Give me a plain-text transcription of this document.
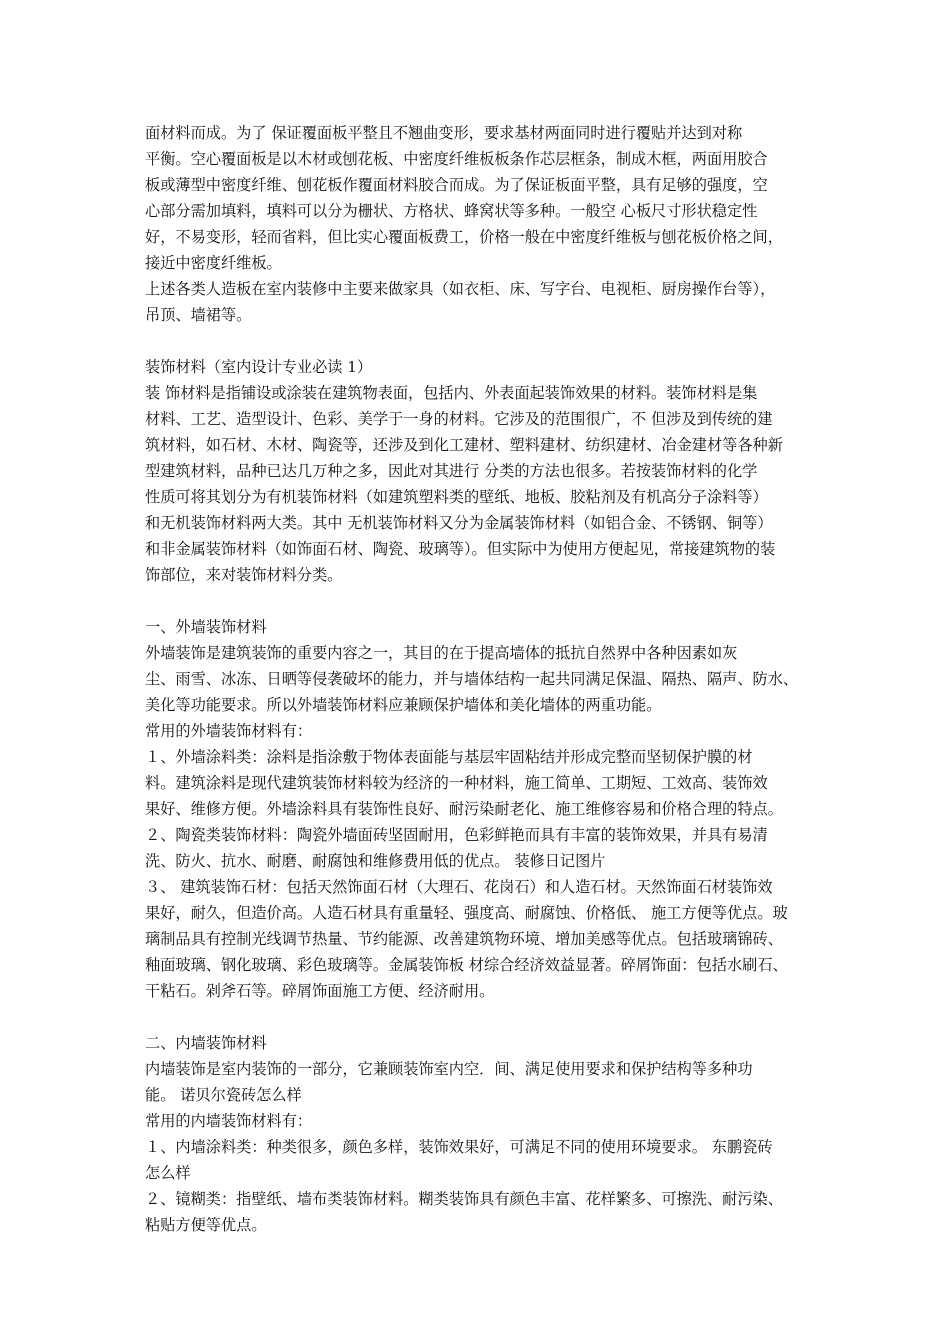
面材料而成。为了 保证覆面板平整且不翘曲变形，要求基材两面同时进行覆贴并达到对称
平衡。空心覆面板是以木材或刨花板、中密度纤维板板条作芯层框条，制成木框，两面用胶合
板或薄型中密度纤维、刨花板作覆面材料胶合而成。为了保证板面平整，具有足够的强度，空
心部分需加填料，填料可以分为栅状、方格状、蜂窝状等多种。一般空 心板尺寸形状稳定性
好，不易变形，轻而省料，但比实心覆面板费工，价格一般在中密度纤维板与刨花板价格之间，
接近中密度纤维板。
上述各类人造板在室内装修中主要来做家具（如衣柜、床、写字台、电视柜、厨房操作台等），
吊顶、墙裙等。
装饰材料（室内设计专业必读 1）
装 饰材料是指铺设或涂装在建筑物表面，包括内、外表面起装饰效果的材料。装饰材料是集
材料、工艺、造型设计、色彩、美学于一身的材料。它涉及的范围很广，不 但涉及到传统的建
筑材料，如石材、木材、陶瓷等，还涉及到化工建材、塑料建材、纺织建材、冶金建材等各种新
型建筑材料，品种已达几万种之多，因此对其进行 分类的方法也很多。若按装饰材料的化学
性质可将其划分为有机装饰材料（如建筑塑料类的壁纸、地板、胶粘剂及有机高分子涂料等）
和无机装饰材料两大类。其中 无机装饰材料又分为金属装饰材料（如铝合金、不锈钢、铜等）
和非金属装饰材料（如饰面石材、陶瓷、玻璃等）。但实际中为使用方便起见，常接建筑物的装
饰部位，来对装饰材料分类。
一、外墙装饰材料
外墙装饰是建筑装饰的重要内容之一，其目的在于提高墙体的抵抗自然界中各种因素如灰
尘、雨雪、冰冻、日晒等侵袭破坏的能力，并与墙体结构一起共同满足保温、隔热、隔声、防水、
美化等功能要求。所以外墙装饰材料应兼顾保护墙体和美化墙体的两重功能。
常用的外墙装饰材料有：
１、外墙涂料类：涂料是指涂敷于物体表面能与基层牢固粘结并形成完整而坚韧保护膜的材
料。建筑涂料是现代建筑装饰材料较为经济的一种材料，施工简单、工期短、工效高、装饰效
果好、维修方便。外墙涂料具有装饰性良好、耐污染耐老化、施工维修容易和价格合理的特点。
２、陶瓷类装饰材料：陶瓷外墙面砖坚固耐用，色彩鲜艳而具有丰富的装饰效果，并具有易清
洗、防火、抗水、耐磨、耐腐蚀和维修费用低的优点。 装修日记图片
３、 建筑装饰石材：包括天然饰面石材（大理石、花岗石）和人造石材。天然饰面石材装饰效
果好，耐久，但造价高。人造石材具有重量轻、强度高、耐腐蚀、价格低、 施工方便等优点。玻
璃制品具有控制光线调节热量、节约能源、改善建筑物环境、增加美感等优点。包括玻璃锦砖、
釉面玻璃、钢化玻璃、彩色玻璃等。金属装饰板 材综合经济效益显著。碎屑饰面：包括水刷石、
干粘石。剁斧石等。碎屑饰面施工方便、经济耐用。
二、内墙装饰材料
内墙装饰是室内装饰的一部分，它兼顾装饰室内空．间、满足使用要求和保护结构等多种功
能。 诺贝尔瓷砖怎么样
常用的内墙装饰材料有：
１、内墙涂料类：种类很多，颜色多样，装饰效果好，可满足不同的使用环境要求。 东鹏瓷砖
怎么样
２、镜糊类：指壁纸、墙布类装饰材料。糊类装饰具有颜色丰富、花样繁多、可擦洗、耐污染、
粘贴方便等优点。
